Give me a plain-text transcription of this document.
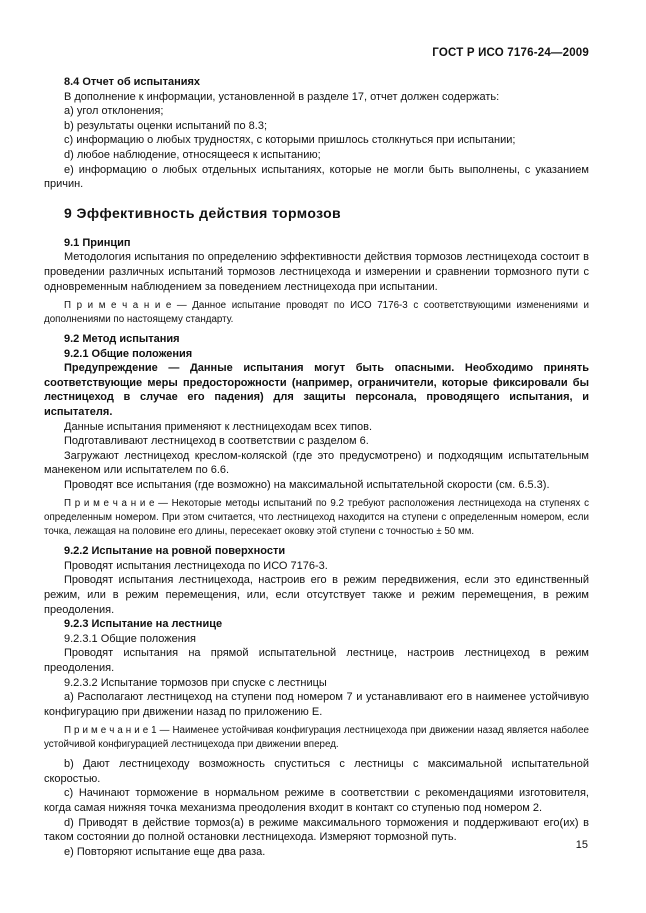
ГОСТ Р ИСО 7176-24—2009

8.4 Отчет об испытаниях

В дополнение к информации, установленной в разделе 17, отчет должен содержать:

a) угол отклонения;

b) результаты оценки испытаний по 8.3;

c) информацию о любых трудностях, с которыми пришлось столкнуться при испытании;

d) любое наблюдение, относящееся к испытанию;

e) информацию о любых отдельных испытаниях, которые не могли быть выполнены, с указанием причин.

9 Эффективность действия тормозов

9.1 Принцип

Методология испытания по определению эффективности действия тормозов лестницехода состоит в проведении различных испытаний тормозов лестницехода и измерении и сравнении тормозного пути с одновременным наблюдением за поведением лестницехода при испытании.

П р и м е ч а н и е — Данное испытание проводят по ИСО 7176-3 с соответствующими изменениями и дополнениями по настоящему стандарту.

9.2 Метод испытания

9.2.1 Общие положения

Предупреждение — Данные испытания могут быть опасными. Необходимо принять соответствующие меры предосторожности (например, ограничители, которые фиксировали бы лестницеход в случае его падения) для защиты персонала, проводящего испытания, и испытателя.

Данные испытания применяют к лестницеходам всех типов.

Подготавливают лестницеход в соответствии с разделом 6.

Загружают лестницеход креслом-коляской (где это предусмотрено) и подходящим испытательным манекеном или испытателем по 6.6.

Проводят все испытания (где возможно) на максимальной испытательной скорости (см. 6.5.3).

П р и м е ч а н и е — Некоторые методы испытаний по 9.2 требуют расположения лестницехода на ступенях с определенным номером. При этом считается, что лестницеход находится на ступени с определенным номером, если точка, лежащая на половине его длины, пересекает оковку этой ступени с точностью ± 50 мм.

9.2.2 Испытание на ровной поверхности

Проводят испытания лестницехода по ИСО 7176-3.

Проводят испытания лестницехода, настроив его в режим передвижения, если это единственный режим, или в режим перемещения, или, если отсутствует также и режим перемещения, в режим преодоления.

9.2.3 Испытание на лестнице

9.2.3.1 Общие положения

Проводят испытания на прямой испытательной лестнице, настроив лестницеход в режим преодоления.

9.2.3.2 Испытание тормозов при спуске с лестницы

a) Располагают лестницеход на ступени под номером 7 и устанавливают его в наименее устойчивую конфигурацию при движении назад по приложению Е.

П р и м е ч а н и е 1 — Наименее устойчивая конфигурация лестницехода при движении назад является наболее устойчивой конфигурацией лестницехода при движении вперед.

b) Дают лестницеходу возможность спуститься с лестницы с максимальной испытательной скоростью.

c) Начинают торможение в нормальном режиме в соответствии с рекомендациями изготовителя, когда самая нижняя точка механизма преодоления входит в контакт со ступенью под номером 2.

d) Приводят в действие тормоз(а) в режиме максимального торможения и поддерживают его(их) в таком состоянии до полной остановки лестницехода. Измеряют тормозной путь.

e) Повторяют испытание еще два раза.

15
